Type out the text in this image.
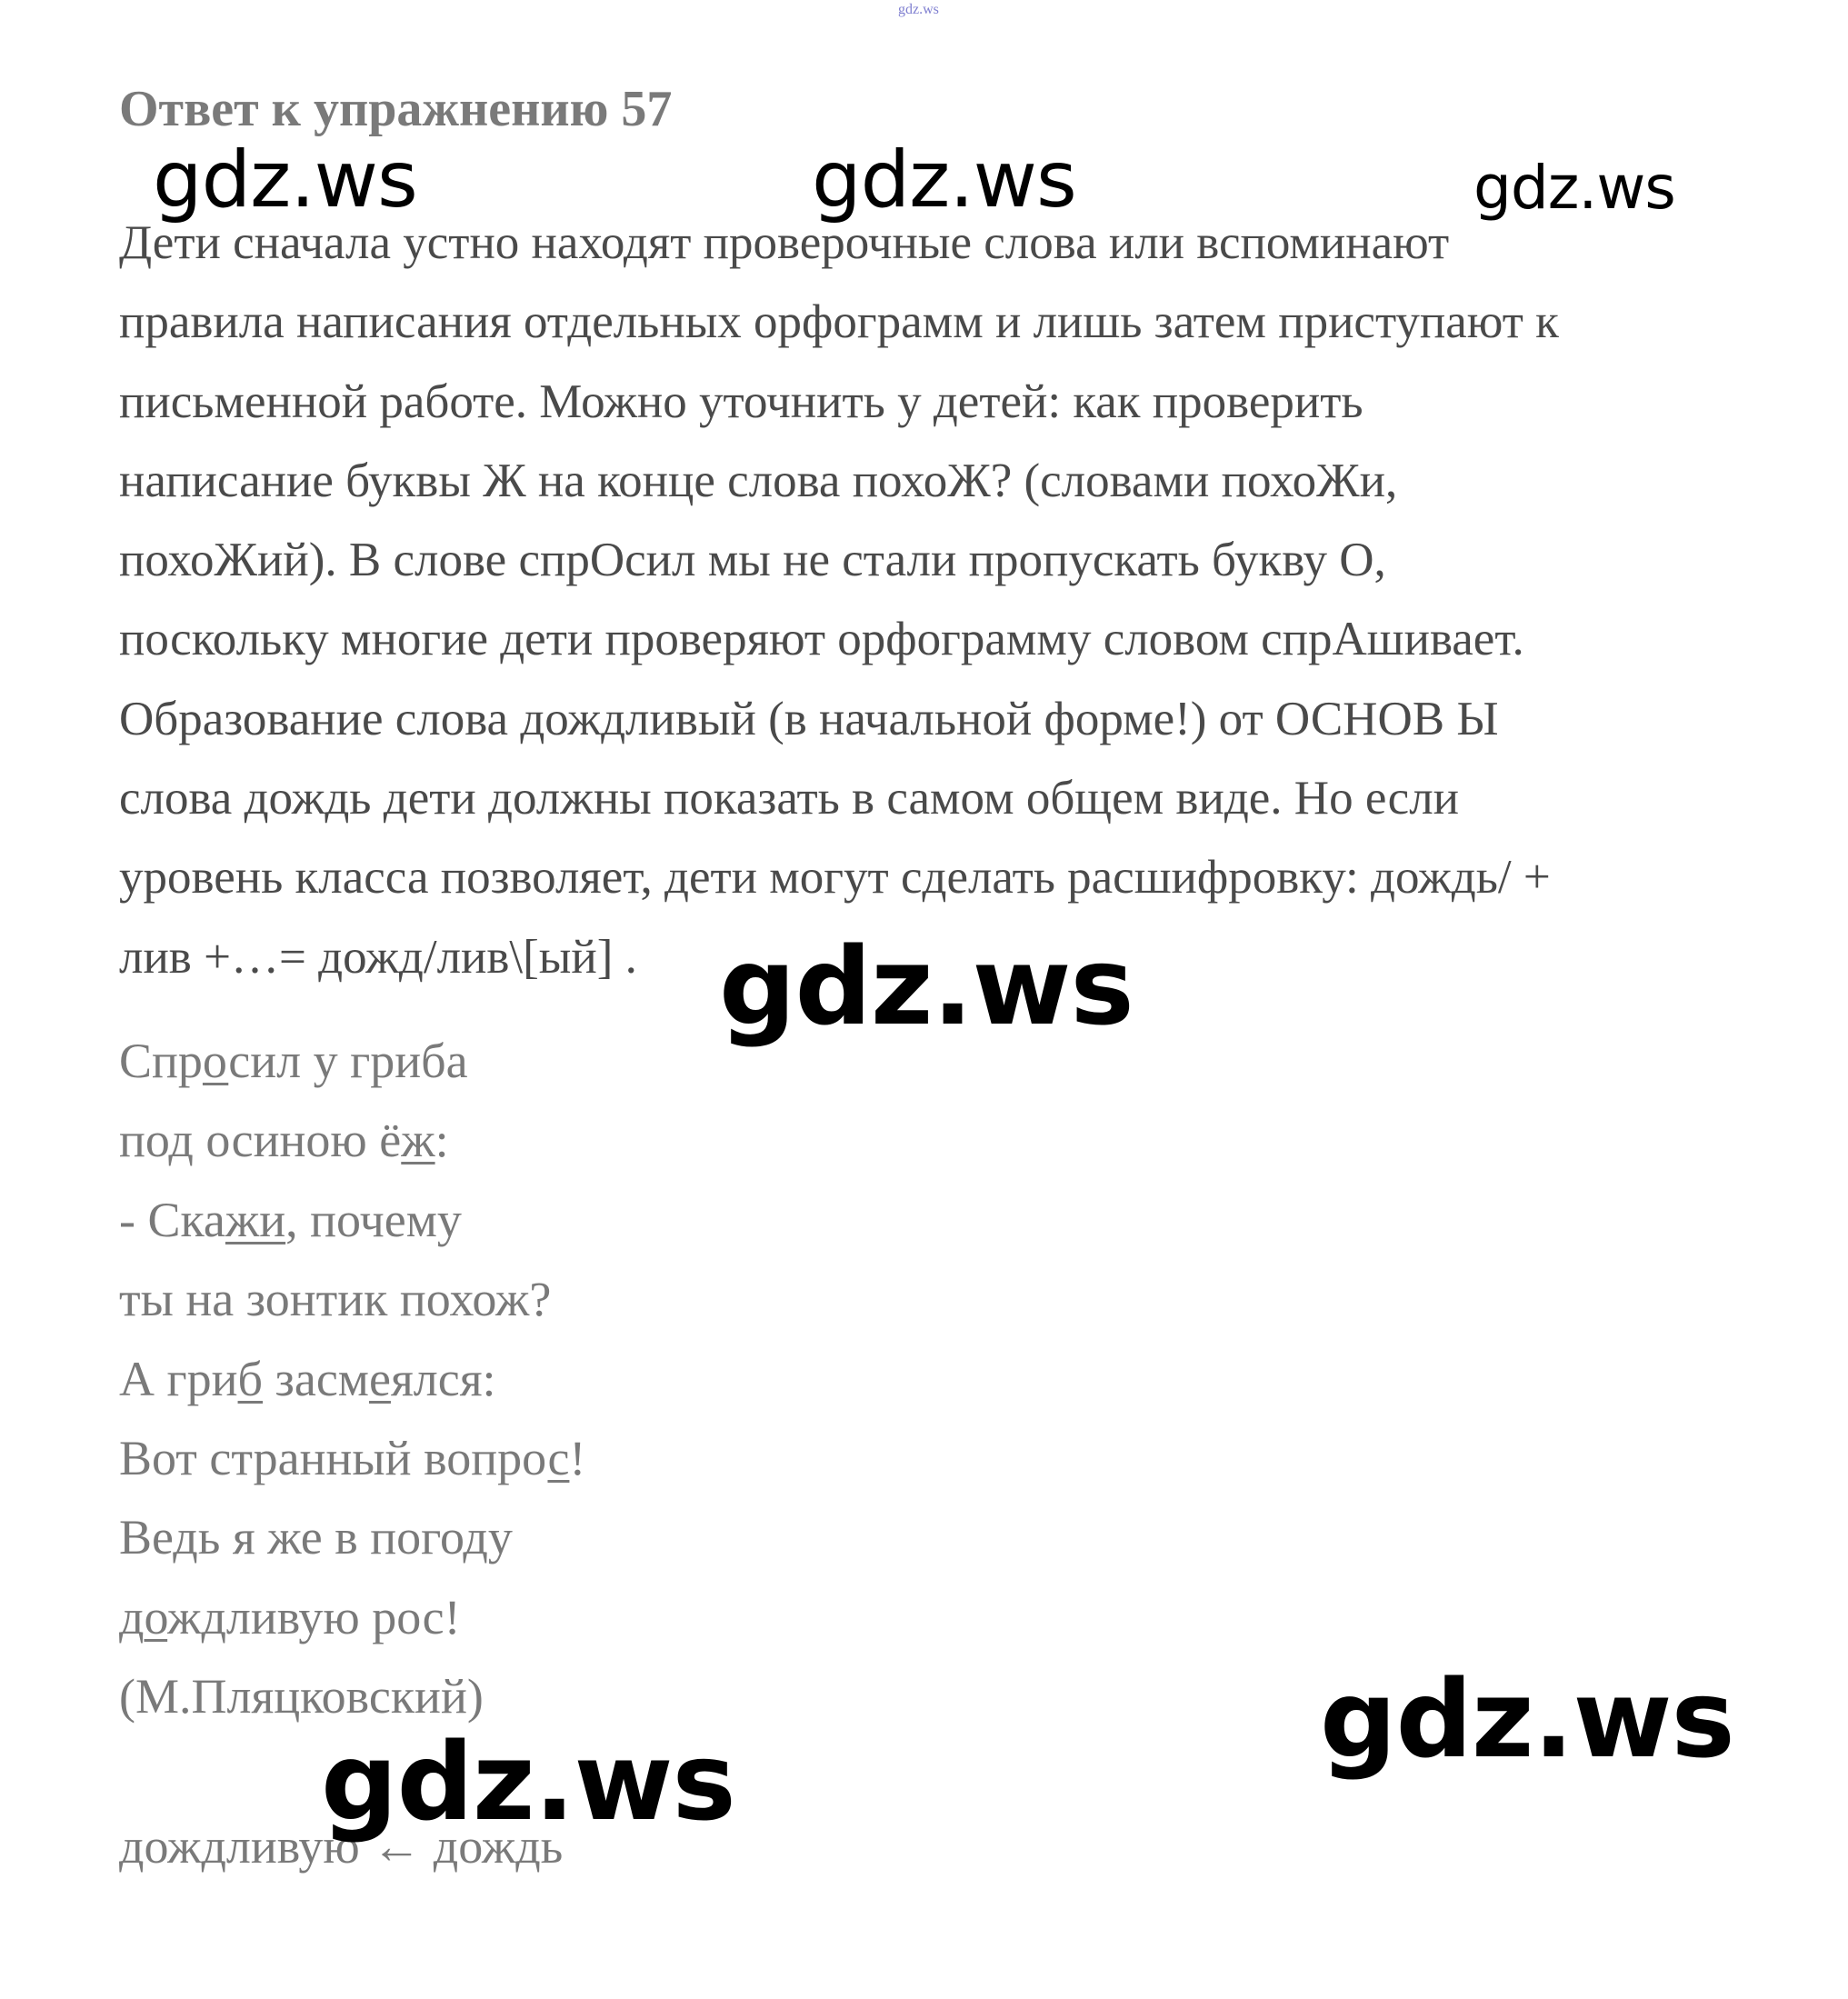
gdz.ws
Ответ к упражнению 57
Дети сначала устно находят проверочные слова или вспоминают
правила написания отдельных орфограмм и лишь затем приступают к
письменной работе. Можно уточнить у детей: как проверить
написание буквы Ж на конце слова похоЖ? (словами похоЖи,
похоЖий). В слове спрОсил мы не стали пропускать букву О,
поскольку многие дети проверяют орфограмму словом спрАшивает.
Образование слова дождливый (в начальной форме!) от ОСНОВ Ы
слова дождь дети должны показать в самом общем виде. Но если
уровень класса позволяет, дети могут сделать расшифровку: дождь/ +
лив +…= дожд/лив\[ый] .
Спросил у гриба
под осиною ёж:
- Скажи, почему
ты на зонтик похож?
А гриб засмеялся:
Вот странный вопрос!
Ведь я же в погоду
дождливую рос!
(М.Пляцковский)
дождливую ← дождь
gdz.ws	gdz.ws	gdz.ws
gdz.ws
gdz.ws
gdz.ws
